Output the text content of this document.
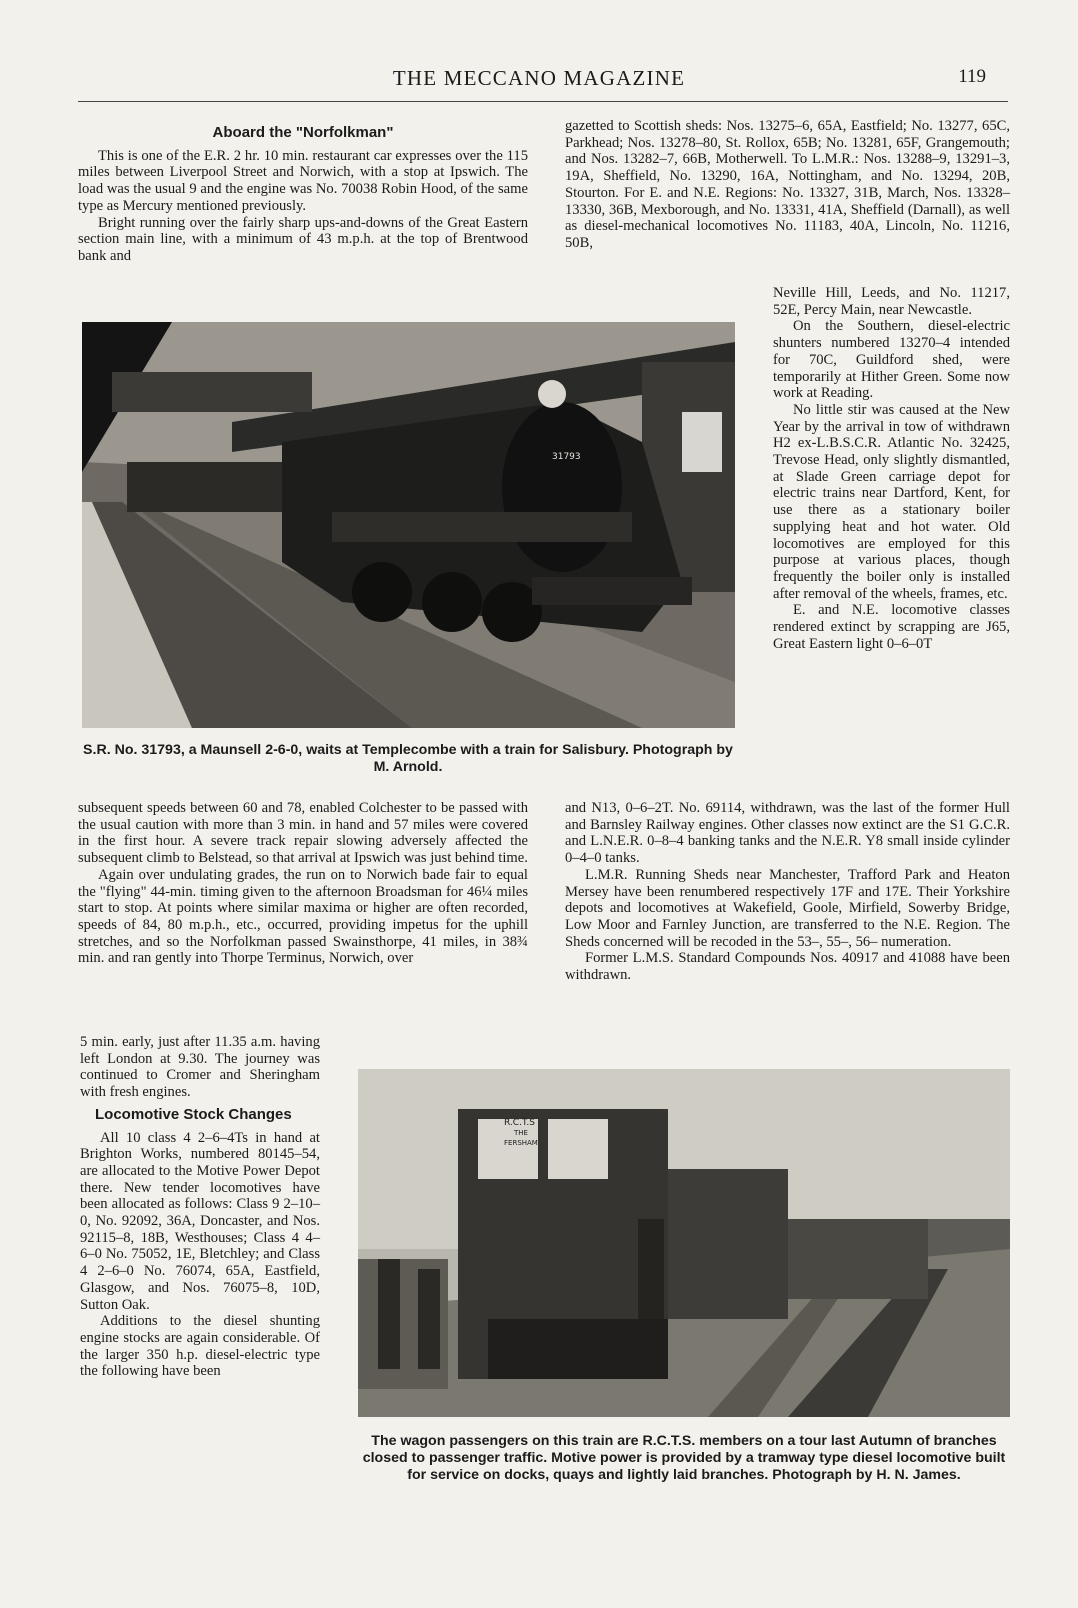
THE MECCANO MAGAZINE	119
Aboard the "Norfolkman"

This is one of the E.R. 2 hr. 10 min. restaurant car expresses over the 115 miles between Liverpool Street and Norwich, with a stop at Ipswich. The load was the usual 9 and the engine was No. 70038 Robin Hood, of the same type as Mercury mentioned previously.

Bright running over the fairly sharp ups-and-downs of the Great Eastern section main line, with a minimum of 43 m.p.h. at the top of Brentwood bank and

gazetted to Scottish sheds: Nos. 13275–6, 65A, Eastfield; No. 13277, 65C, Parkhead; Nos. 13278–80, St. Rollox, 65B; No. 13281, 65F, Grangemouth; and Nos. 13282–7, 66B, Motherwell. To L.M.R.: Nos. 13288–9, 13291–3, 19A, Sheffield, No. 13290, 16A, Nottingham, and No. 13294, 20B, Stourton. For E. and N.E. Regions: No. 13327, 31B, March, Nos. 13328–13330, 36B, Mexborough, and No. 13331, 41A, Sheffield (Darnall), as well as diesel-mechanical locomotives No. 11183, 40A, Lincoln, No. 11216, 50B,

Neville Hill, Leeds, and No. 11217, 52E, Percy Main, near Newcastle.

On the Southern, diesel-electric shunters numbered 13270–4 intended for 70C, Guildford shed, were temporarily at Hither Green. Some now work at Reading.

No little stir was caused at the New Year by the arrival in tow of withdrawn H2 ex-L.B.S.C.R. Atlantic No. 32425, Trevose Head, only slightly dismantled, at Slade Green carriage depot for electric trains near Dartford, Kent, for use there as a stationary boiler supplying heat and hot water. Old locomotives are employed for this purpose at various places, though frequently the boiler only is installed after removal of the wheels, frames, etc.

E. and N.E. locomotive classes rendered extinct by scrapping are J65, Great Eastern light 0–6–0T

31793
S.R. No. 31793, a Maunsell 2-6-0, waits at Templecombe with a train for Salisbury. Photograph by M. Arnold.

subsequent speeds between 60 and 78, enabled Colchester to be passed with the usual caution with more than 3 min. in hand and 57 miles were covered in the first hour. A severe track repair slowing adversely affected the subsequent climb to Belstead, so that arrival at Ipswich was just behind time.

Again over undulating grades, the run on to Norwich bade fair to equal the "flying" 44-min. timing given to the afternoon Broadsman for 46¼ miles start to stop. At points where similar maxima or higher are often recorded, speeds of 84, 80 m.p.h., etc., occurred, providing impetus for the uphill stretches, and so the Norfolkman passed Swainsthorpe, 41 miles, in 38¾ min. and ran gently into Thorpe Terminus, Norwich, over

5 min. early, just after 11.35 a.m. having left London at 9.30. The journey was continued to Cromer and Sheringham with fresh engines.

Locomotive Stock Changes

All 10 class 4 2–6–4Ts in hand at Brighton Works, numbered 80145–54, are allocated to the Motive Power Depot there. New tender locomotives have been allocated as follows: Class 9 2–10–0, No. 92092, 36A, Doncaster, and Nos. 92115–8, 18B, Westhouses; Class 4 4–6–0 No. 75052, 1E, Bletchley; and Class 4 2–6–0 No. 76074, 65A, Eastfield, Glasgow, and Nos. 76075–8, 10D, Sutton Oak.

Additions to the diesel shunting engine stocks are again considerable. Of the larger 350 h.p. diesel-electric type the following have been

and N13, 0–6–2T. No. 69114, withdrawn, was the last of the former Hull and Barnsley Railway engines. Other classes now extinct are the S1 G.C.R. and L.N.E.R. 0–8–4 banking tanks and the N.E.R. Y8 small inside cylinder 0–4–0 tanks.

L.M.R. Running Sheds near Manchester, Trafford Park and Heaton Mersey have been renumbered respectively 17F and 17E. Their Yorkshire depots and locomotives at Wakefield, Goole, Mirfield, Sowerby Bridge, Low Moor and Farnley Junction, are transferred to the N.E. Region. The Sheds concerned will be recoded in the 53–, 55–, 56– numeration.

Former L.M.S. Standard Compounds Nos. 40917 and 41088 have been withdrawn.

R.C.T.S
THE
FERSHAM
The wagon passengers on this train are R.C.T.S. members on a tour last Autumn of branches closed to passenger traffic. Motive power is provided by a tramway type diesel locomotive built for service on docks, quays and lightly laid branches. Photograph by H. N. James.
